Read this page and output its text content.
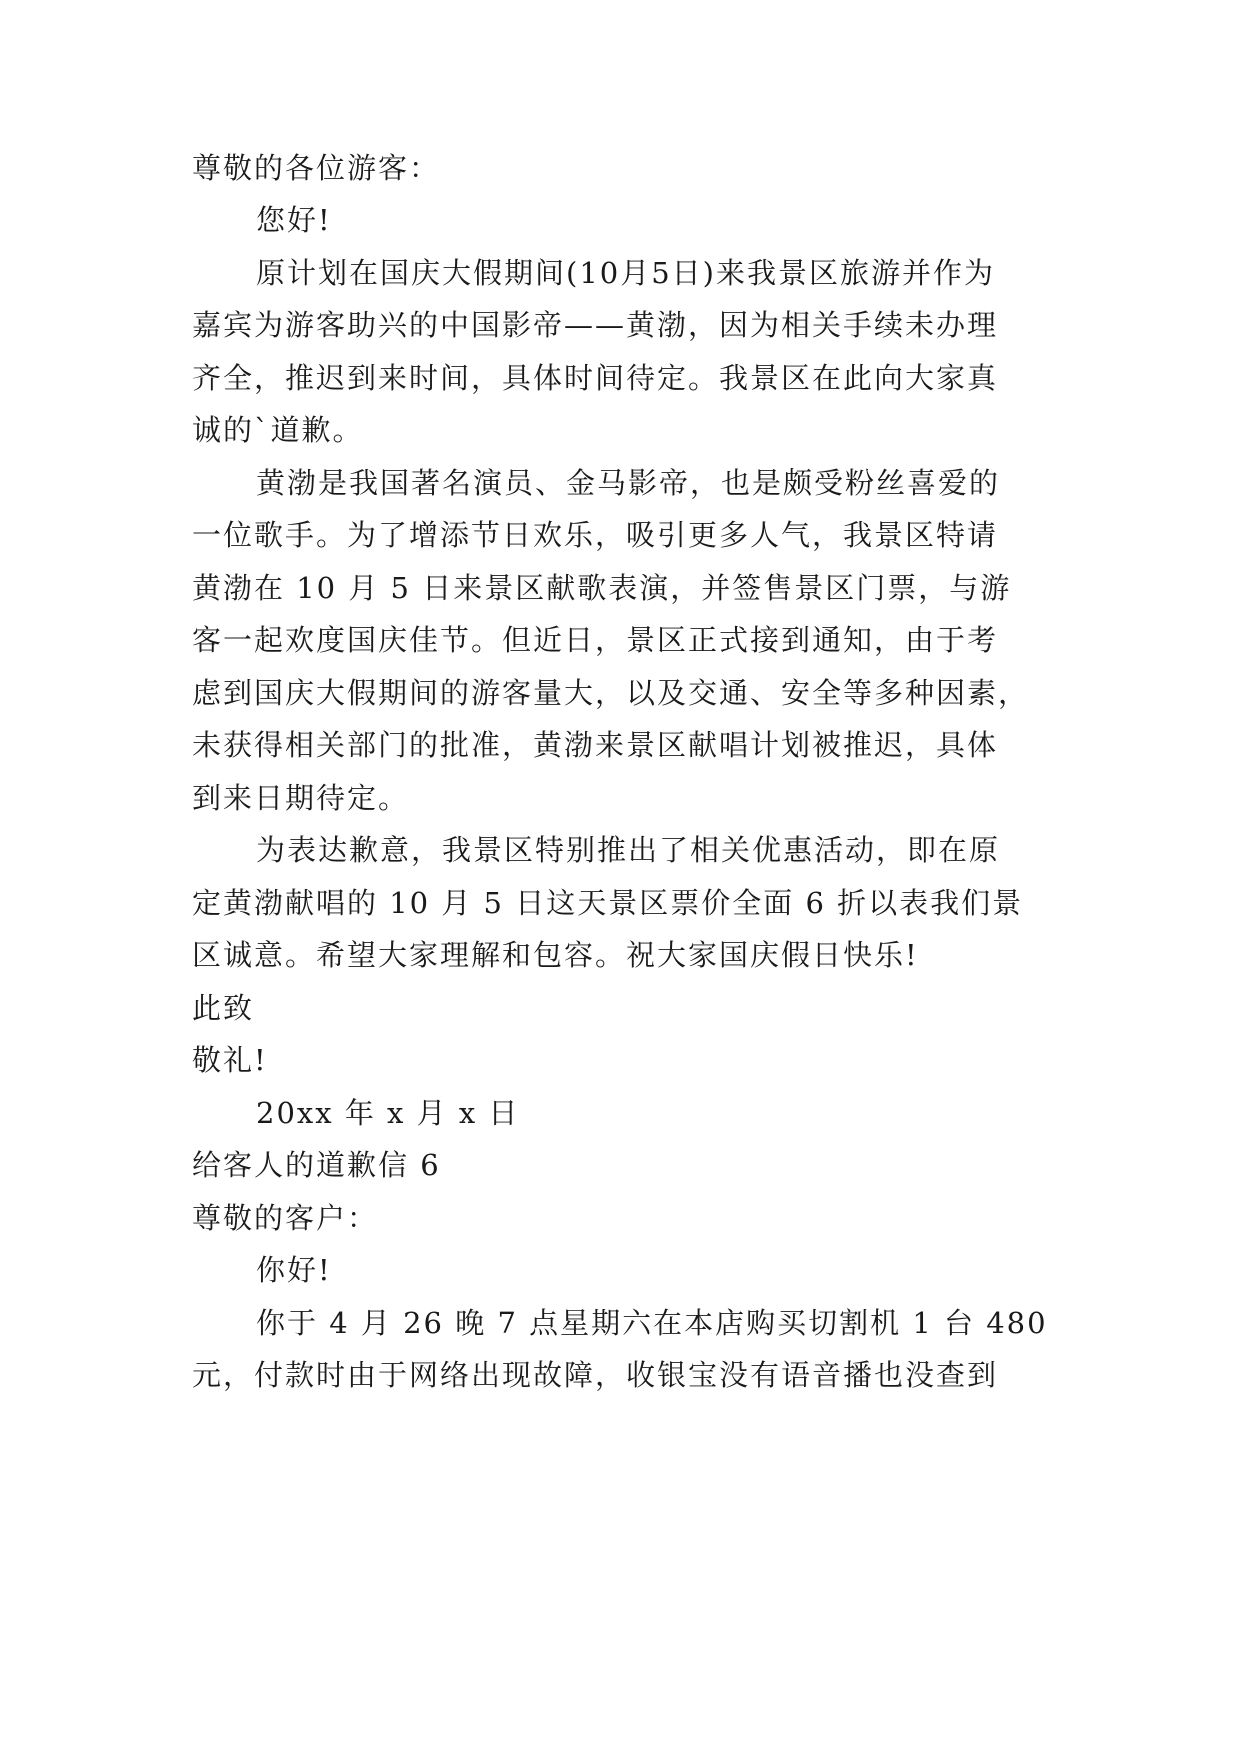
尊敬的各位游客：
您好!
原计划在国庆大假期间(10月5日)来我景区旅游并作为
嘉宾为游客助兴的中国影帝——黄渤，因为相关手续未办理
齐全，推迟到来时间，具体时间待定。我景区在此向大家真
诚的`道歉。
黄渤是我国著名演员、金马影帝，也是颇受粉丝喜爱的
一位歌手。为了增添节日欢乐，吸引更多人气，我景区特请
黄渤在 10 月 5 日来景区献歌表演，并签售景区门票，与游
客一起欢度国庆佳节。但近日，景区正式接到通知，由于考
虑到国庆大假期间的游客量大，以及交通、安全等多种因素，
未获得相关部门的批准，黄渤来景区献唱计划被推迟，具体
到来日期待定。
为表达歉意，我景区特别推出了相关优惠活动，即在原
定黄渤献唱的 10 月 5 日这天景区票价全面 6 折以表我们景
区诚意。希望大家理解和包容。祝大家国庆假日快乐!
此致
敬礼!
20xx 年 x 月 x 日
给客人的道歉信 6
尊敬的客户：
你好!
你于 4 月 26 晚 7 点星期六在本店购买切割机 1 台 480
元，付款时由于网络出现故障，收银宝没有语音播也没查到
